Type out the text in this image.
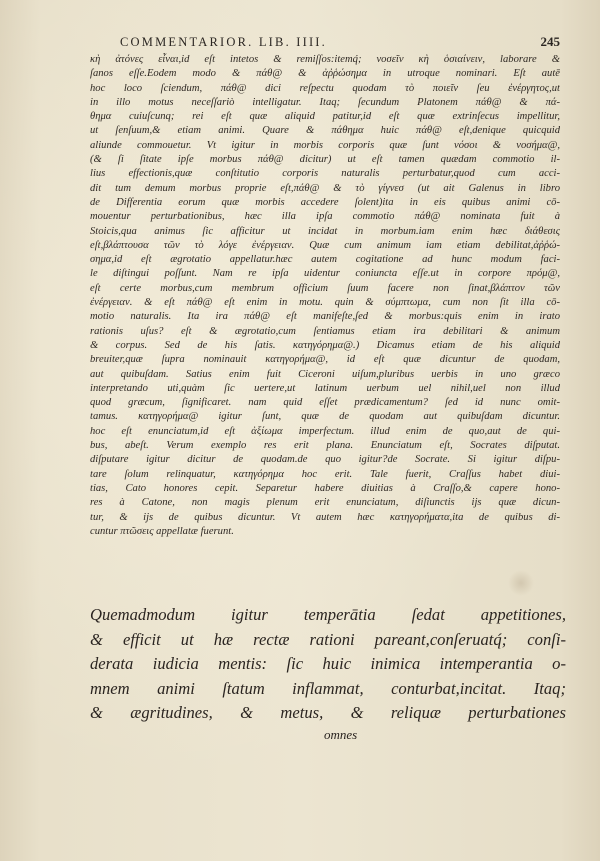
COMMENTARIOR. LIB. IIII.	245
κὴ ἀτόνες εἶναι,id eſt intetos & remiſſos:itemq́; νοσεῖν κὴ ὁσιαίνειν, laborare &
ſanos eſſe.Eodem modo & πάθ@ & ἀῤῥώσημα in utroque nominari. Eſt autē
hoc loco ſciendum, πάθ@ dici reſpectu quodam τὸ ποιεῖν ſeu ἐνέργητος,ut
in illo motus neceſſariò intelligatur. Itaq; ſecundum Platonem πάθ@ & πά-
θημα cuiuſcunq; rei eſt quæ aliquid patitur,id eſt quæ extrinſecus impellitur,
ut ſenſuum,& etiam animi. Quare & πάθημα huic πάθ@ eſt,denique quicquid
aliunde commouetur. Vt igitur in morbis corporis quæ ſunt νόσοι & νοσήμα@,
(& ſi ſitate ipſe morbus πάθ@ dicitur) ut eſt tamen quædam commotio il-
lius effectionis,quæ conſtitutio corporis naturalis perturbatur,quod cum acci-
dit tum demum morbus proprie eſt,πάθ@ & τὸ γίγνεσ (ut ait Galenus in libro
de Differentia eorum quæ morbis accedere ſolent)ita in eis quibus animi cō-
mouentur perturbationibus, hæc illa ipſa commotio πάθ@ nominata fuit à
Stoicis,qua animus ſic afficitur ut incidat in morbum.iam enim hæc διάθεσις
eſt,βλάπτουσα τῶν τὸ λόγε ἐνέργειαν. Quæ cum animum iam etiam debilitat,ἀῤῥώ-
σημα,id eſt ægrotatio appellatur.hæc autem cogitatione ad hunc modum faci-
le diſtingui poſſunt. Nam re ipſa uidentur coniuncta eſſe.ut in corpore πρόμ@,
eſt certe morbus,cum membrum officium ſuum facere non ſinat,βλάπτον τῶν
ἐνέργειαν. & eſt πάθ@ eſt enim in motu. quin & σύμπτωμα, cum non ſit illa cō-
motio naturalis. Ita ira πάθ@ eſt manifeſte,ſed & morbus:quis enim in irato
rationis uſus? eſt & ægrotatio,cum ſentiamus etiam ira debilitari & animum
& corpus. Sed de his ſatis. κατηγόρημα@.) Dicamus etiam de his aliquid
breuiter,quæ ſupra nominauit κατηγορήμα@, id eſt quæ dicuntur de quodam,
aut quibuſdam. Satius enim fuit Ciceroni uiſum,pluribus uerbis in uno græco
interpretando uti,quàm ſic uertere,ut latinum uerbum uel nihil,uel non illud
quod græcum, ſignificaret. nam quid eſſet prædicamentum? ſed id nunc omit-
tamus. κατηγορήμα@ igitur ſunt, quæ de quodam aut quibuſdam dicuntur.
hoc eſt enunciatum,id eſt ἀξίωμα imperfectum. illud enim de quo,aut de qui-
bus, abeſt. Verum exemplo res erit plana. Enunciatum eſt, Socrates diſputat.
diſputare igitur dicitur de quodam.de quo igitur?de Socrate. Si igitur diſpu-
tare ſolum relinquatur, κατηγόρημα hoc erit. Tale fuerit, Craſſus habet diui-
tias, Cato honores cepit. Separetur habere diuitias à Craſſo,& capere hono-
res à Catone, non magis plenum erit enunciatum, diſiunctis ijs quæ dicun-
tur, & ijs de quibus dicuntur. Vt autem hæc κατηγορήματα,ita de quibus di-
cuntur πτῶσεις appellatæ fuerunt.
Quemadmodum igitur temperātia ſedat appetitiones,
& efficit ut hæ rectæ rationi pareant,conſeruatq́; conſi-
derata iudicia mentis: ſic huic inimica intemperantia o-
mnem animi ſtatum inflammat, conturbat,incitat. Itaq;
& ægritudines, & metus, & reliquæ perturbationes
omnes
